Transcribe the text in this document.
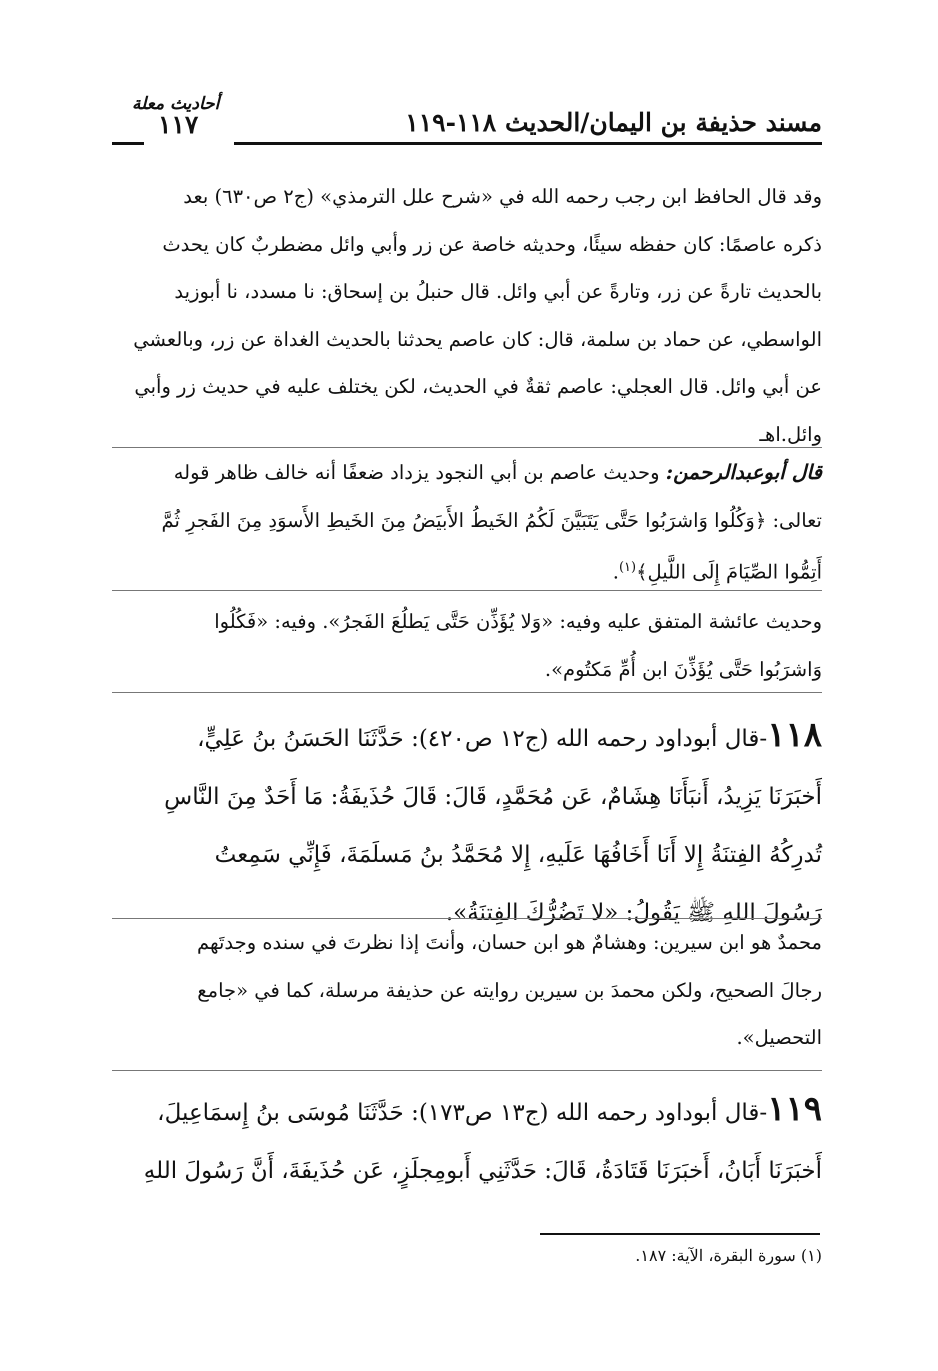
مسند حذيفة بن اليمان/الحديث ١١٨-١١٩
أحاديث معلة
١١٧

وقد قال الحافظ ابن رجب رحمه الله في «شرح علل الترمذي» (ج٢ ص٦٣٠) بعد

ذكره عاصمًا: كان حفظه سيئًا، وحديثه خاصة عن زر وأبي وائل مضطربٌ كان يحدث

بالحديث تارةً عن زر، وتارةً عن أبي وائل. قال حنبلُ بن إسحاق: نا مسدد، نا أبوزيد

الواسطي، عن حماد بن سلمة، قال: كان عاصم يحدثنا بالحديث الغداة عن زر، وبالعشي

عن أبي وائل. قال العجلي: عاصم ثقةٌ في الحديث، لكن يختلف عليه في حديث زر وأبي

وائل.اهـ

قال أبوعبدالرحمن: وحديث عاصم بن أبي النجود يزداد ضعفًا أنه خالف ظاهر قوله

تعالى: ﴿وَكُلُوا وَاشرَبُوا حَتَّى يَتَبَيَّنَ لَكُمُ الخَيطُ الأَبيَضُ مِنَ الخَيطِ الأَسوَدِ مِنَ الفَجرِ ثُمَّ

أَتِمُّوا الصِّيَامَ إِلَى اللَّيلِ﴾$^{(١)}$.

وحديث عائشة المتفق عليه وفيه: «وَلا يُؤَذِّن حَتَّى يَطلُعَ الفَجرُ». وفيه: «فَكُلُوا

وَاشرَبُوا حَتَّى يُؤَذِّنَ ابن أُمِّ مَكتُوم».

١١٨-قال أبوداود رحمه الله (ج١٢ ص٤٢٠): حَدَّثَنَا الحَسَنُ بنُ عَلِيٍّ،

أَخبَرَنَا يَزِيدُ، أَنبَأَنَا هِشَامٌ، عَن مُحَمَّدٍ، قَالَ: قَالَ حُذَيفَةُ: مَا أَحَدٌ مِنَ النَّاسِ

تُدرِكُهُ الفِتنَةُ إِلا أَنَا أَخَافُهَا عَلَيهِ، إِلا مُحَمَّدُ بنُ مَسلَمَةَ، فَإِنِّي سَمِعتُ

رَسُولَ اللهِ ﷺ يَقُولُ: «لا تَضُرُّكَ الفِتنَةُ».

محمدٌ هو ابن سيرين: وهشامٌ هو ابن حسان، وأنتَ إذا نظرتَ في سنده وجدتَهم

رجالَ الصحيح، ولكن محمدَ بن سيرين روايته عن حذيفة مرسلة، كما في «جامع

التحصيل».

١١٩-قال أبوداود رحمه الله (ج١٣ ص١٧٣): حَدَّثَنَا مُوسَى بنُ إِسمَاعِيلَ،

أَخبَرَنَا أَبَانُ، أَخبَرَنَا قَتَادَةُ، قَالَ: حَدَّثَنِي أَبومِجلَزٍ، عَن حُذَيفَةَ، أَنَّ رَسُولَ اللهِ

(١) سورة البقرة، الآية: ١٨٧.
